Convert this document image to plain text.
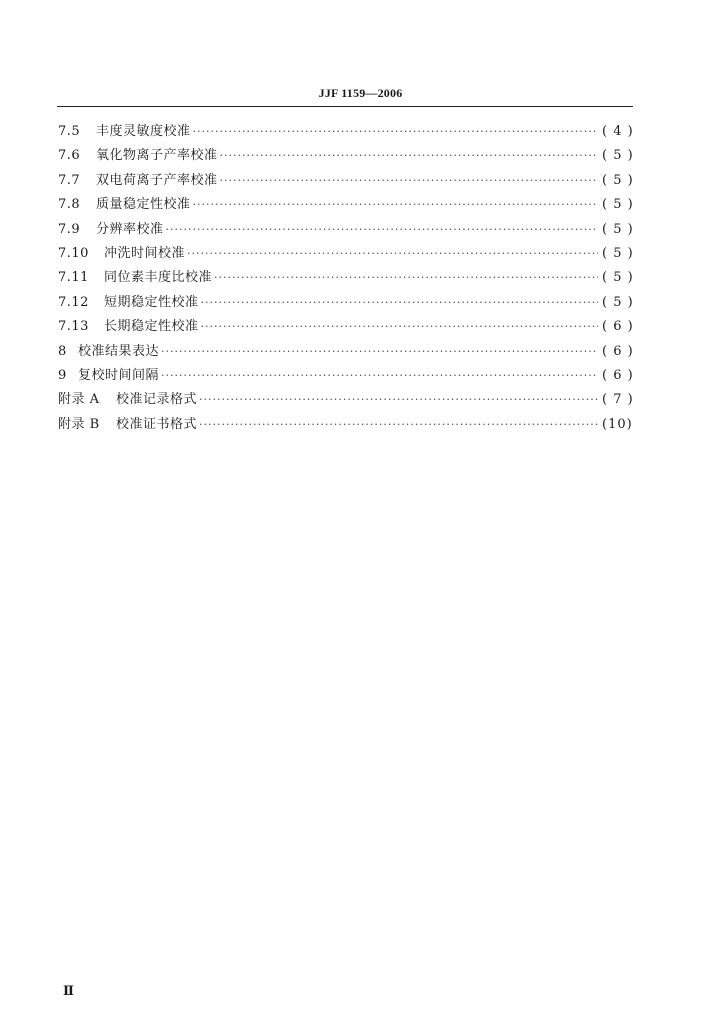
JJF 1159—2006
7.5	丰度灵敏度校准 ·····	( 4 )
7.6	氧化物离子产率校准 ·····	( 5 )
7.7	双电荷离子产率校准 ·····	( 5 )
7.8	质量稳定性校准 ·····	( 5 )
7.9	分辨率校准 ·····	( 5 )
7.10	冲洗时间校准 ·····	( 5 )
7.11	同位素丰度比校准 ·····	( 5 )
7.12	短期稳定性校准 ·····	( 5 )
7.13	长期稳定性校准 ·····	( 6 )
8 校准结果表达 ·····	( 6 )
9 复校时间间隔 ·····	( 6 )
附录 A	校准记录格式 ·····	( 7 )
附录 B	校准证书格式 ·····	(10)
Ⅱ
